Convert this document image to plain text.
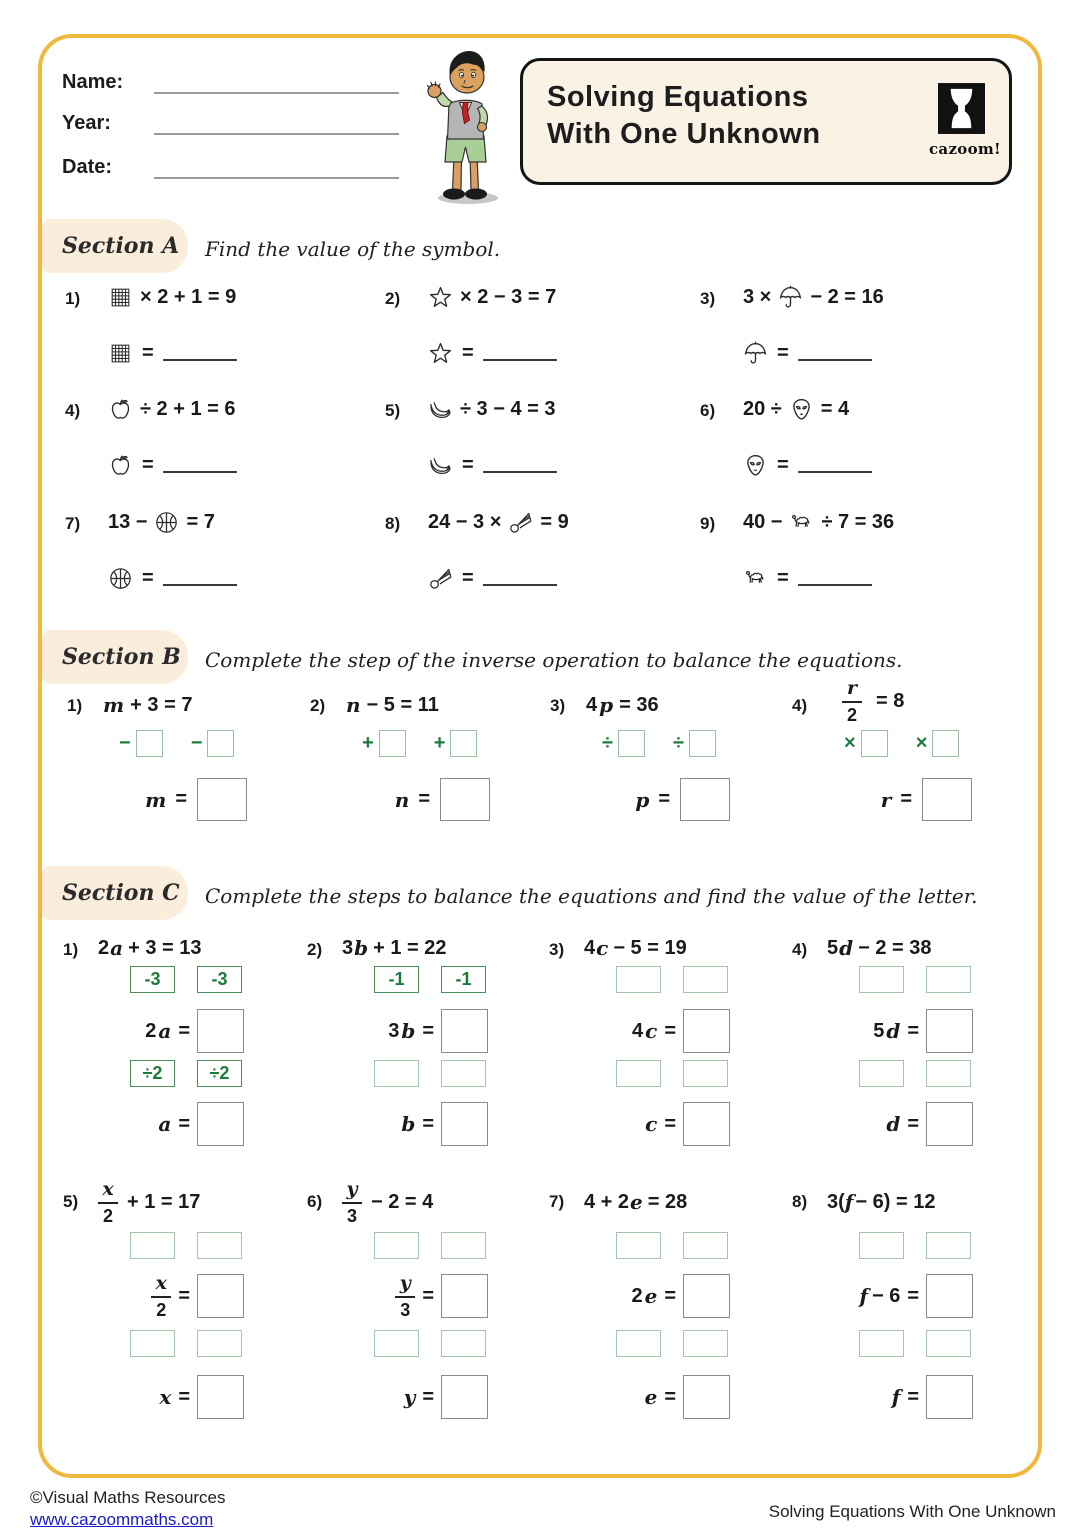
Name:
Year:
Date:
Solving Equations
With One Unknown	cazoom!
Section A	Find the value of the symbol.
1)	× 2 + 1 = 9
=
2)	× 2 − 3 = 7
=
3) 3 × − 2 = 16
=
4)	÷ 2 + 1 = 6
=
5)	÷ 3 − 4 = 3
=
6) 20 ÷ = 4
=
7) 13 − = 7
=
8) 24 − 3 × = 9
=
9) 40 − ÷ 7 = 36
=
Section B	Complete the step of the inverse operation to balance the equations.
1) m + 3 = 7
−	−
m =
2) n − 5 = 11
+	+
n =
3) 4 p = 36
÷	÷
p =
$4) \frac{r}{2} = 8$
×	×
r =
Section C	Complete the steps to balance the equations and find the value of the letter.
1) 2 a + 3 = 13
-3	-3
2 a =
÷2	÷2
a =
2) 3 b + 1 = 22
-1	-1
3 b =
b =
3) 4 c − 5 = 19
4 c =
c =
4) 5 d − 2 = 38
5 d =
d =
$5) \frac{x}{2} + 1 = 17$
$\frac{x}{2}$ =
x =
$6) \frac{y}{3} - 2 = 4$
$\frac{y}{3}$ =
y =
7) 4 + 2 e = 28
2 e =
e =
8) 3( f − 6) = 12
f − 6 =
f =
©Visual Maths Resources
www.cazoommaths.com	Solving Equations With One Unknown
